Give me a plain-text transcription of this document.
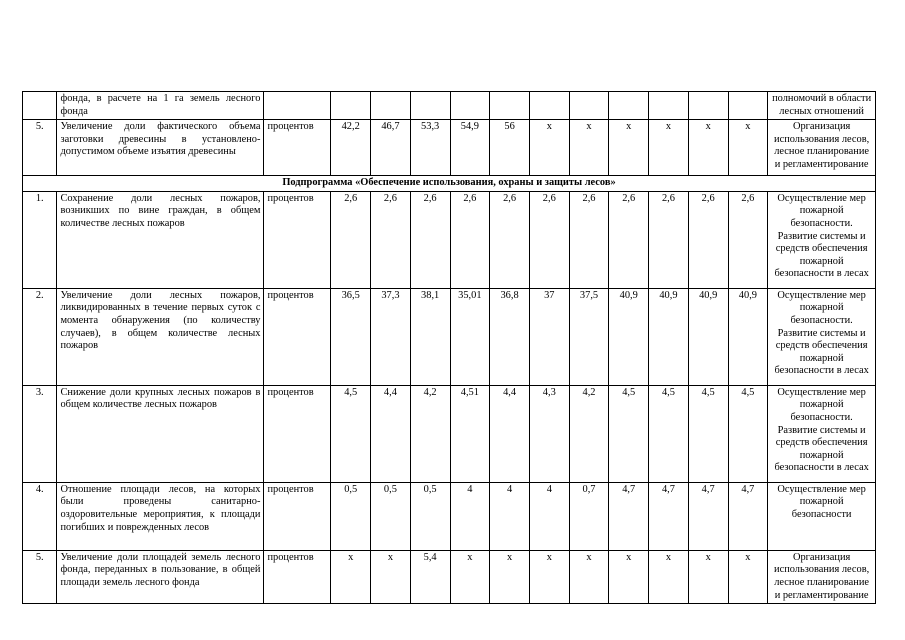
	фонда, в расчете на 1 га земель лесного фонда													полномочий в области лесных отношений
5.	Увеличение доли фактического объема заготовки древесины в установлено-допустимом объеме изъятия древесины	процентов	42,2	46,7	53,3	54,9	56	x	x	x	x	x	x	Организация использования лесов, лесное планирование и регламентирование
Подпрограмма «Обеспечение использования, охраны и защиты лесов»														
1.	Сохранение доли лесных пожаров, возникших по вине граждан, в общем количестве лесных пожаров	процентов	2,6	2,6	2,6	2,6	2,6	2,6	2,6	2,6	2,6	2,6	2,6	Осуществление мер пожарной безопасности. Развитие системы и средств обеспечения пожарной безопасности в лесах
2.	Увеличение доли лесных пожаров, ликвидированных в течение первых суток с момента обнаружения (по количеству случаев), в общем количестве лесных пожаров	процентов	36,5	37,3	38,1	35,01	36,8	37	37,5	40,9	40,9	40,9	40,9	Осуществление мер пожарной безопасности. Развитие системы и средств обеспечения пожарной безопасности в лесах
3.	Снижение доли крупных лесных пожаров в общем количестве лесных пожаров	процентов	4,5	4,4	4,2	4,51	4,4	4,3	4,2	4,5	4,5	4,5	4,5	Осуществление мер пожарной безопасности. Развитие системы и средств обеспечения пожарной безопасности в лесах
4.	Отношение площади лесов, на которых были проведены санитарно-оздоровительные мероприятия, к площади погибших и поврежденных лесов	процентов	0,5	0,5	0,5	4	4	4	0,7	4,7	4,7	4,7	4,7	Осуществление мер пожарной безопасности
5.	Увеличение доли площадей земель лесного фонда, переданных в пользование, в общей площади земель лесного фонда	процентов	x	x	5,4	x	x	x	x	x	x	x	x	Организация использования лесов, лесное планирование и регламентирование
